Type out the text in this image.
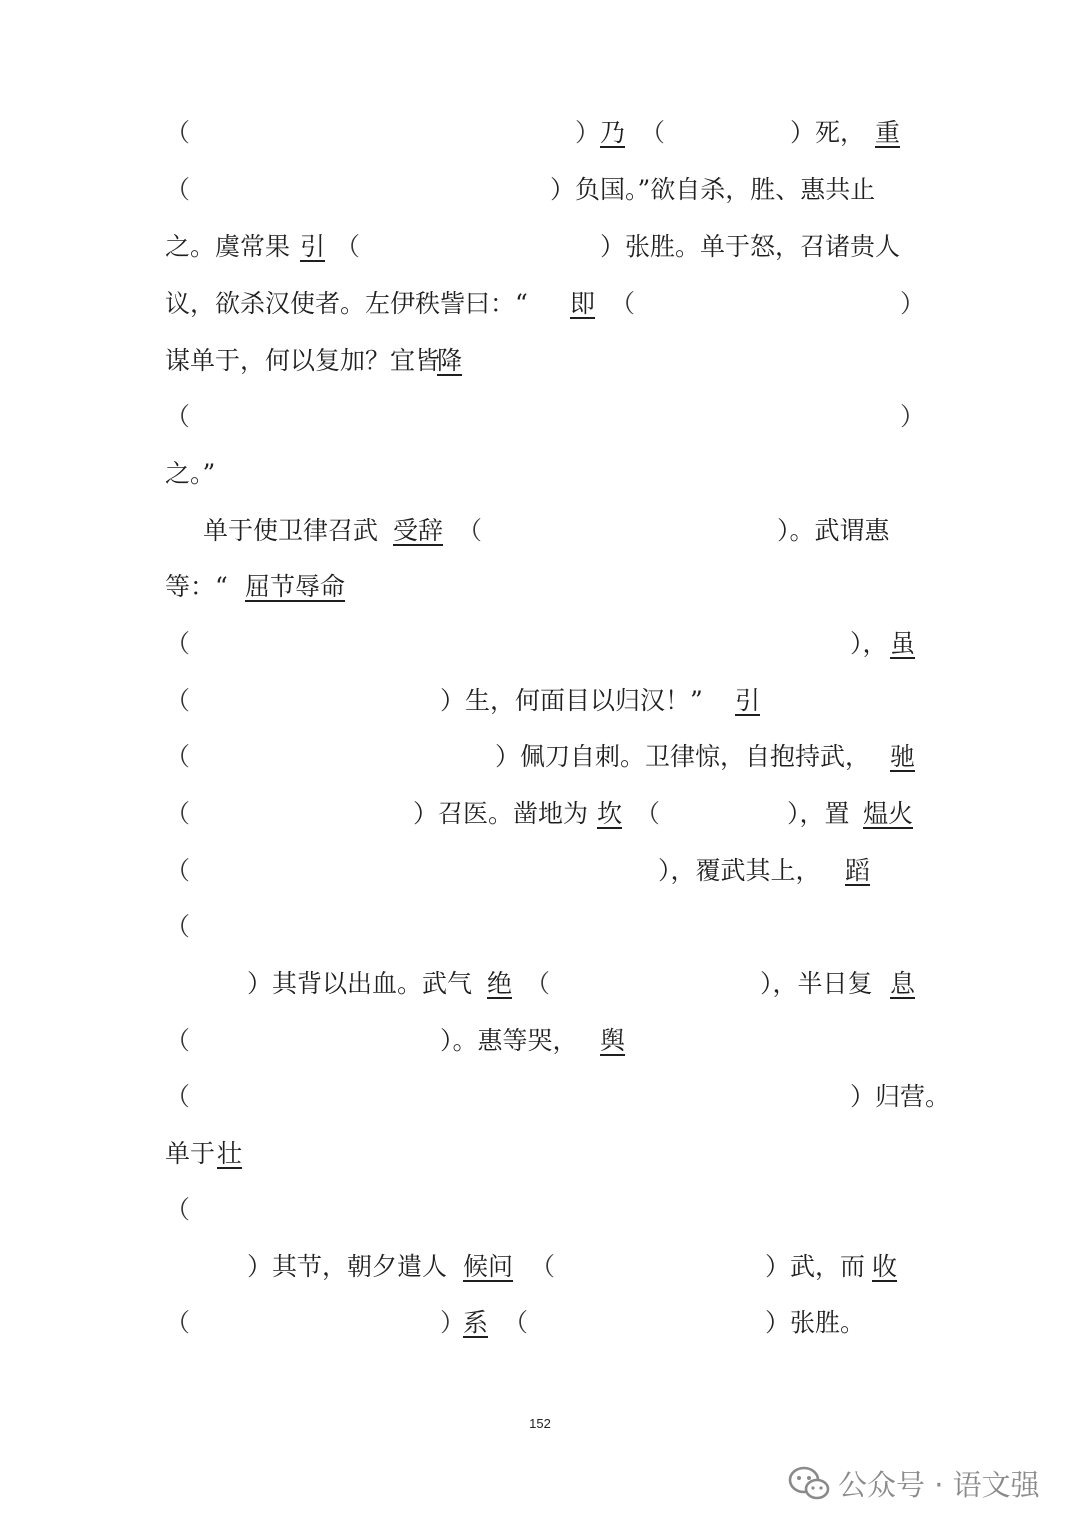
（	） 乃 （	）死， 重
（	）负国。”欲自杀，胜、惠共止
之。虞常果 引 （	）张胜。单于怒，召诸贵人
议，欲杀汉使者。左伊秩訾曰：“ 即 （	）
谋单于，何以复加？宜皆
降
（	）
之。”
单于使卫律召武 受辞 （	）。武谓惠
等：“ 屈节辱命
（	）， 虽
（	）生，何面目以归汉！” 引
（	）佩刀自刺。卫律惊，自抱持武， 驰
（	）召医。凿地为 坎 （	），置 煴火
（	），覆武其上， 蹈
（
）其背以出血。武气 绝 （	），半日复 息
（	）。惠等哭， 舆
（	）归营。
单于 壮
（
）其节，朝夕遣人 候问 （	）武，而 收
（	）
系 （	）张胜。
152
公众号 · 语文强
